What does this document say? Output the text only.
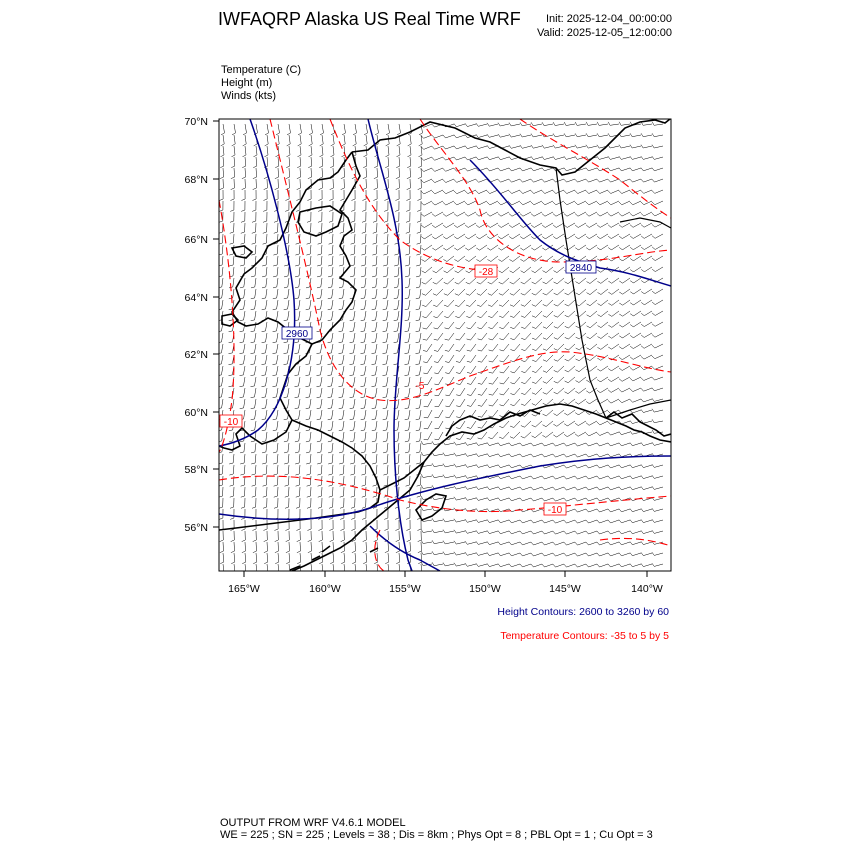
IWFAQRP Alaska US Real Time WRF Init: 2025-12-04_00:00:00
Valid: 2025-12-05_12:00:00
Temperature (C)
Height (m)
Winds (kts)
2960
2840
-28
-10
-5
-10
70°N
68°N
66°N
64°N
62°N
60°N
58°N
56°N
165°W	160°W	155°W	150°W	145°W	140°W
Height Contours: 2600 to 3260 by 60
Temperature Contours: -35 to 5 by 5
OUTPUT FROM WRF V4.6.1 MODEL
WE = 225 ; SN = 225 ; Levels = 38 ; Dis = 8km ; Phys Opt = 8 ; PBL Opt = 1 ; Cu Opt = 3
